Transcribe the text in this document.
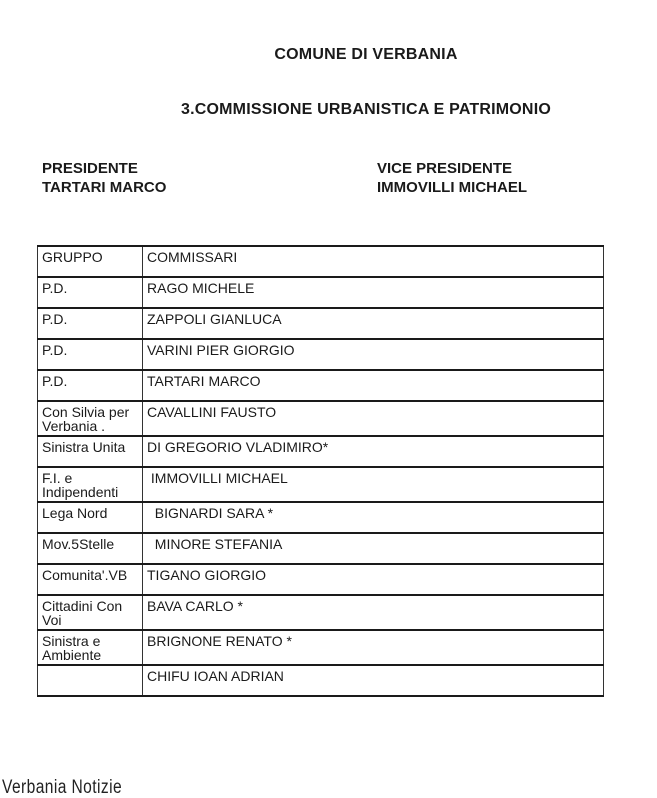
COMUNE DI VERBANIA
3.COMMISSIONE URBANISTICA E PATRIMONIO
PRESIDENTE
TARTARI MARCO
VICE PRESIDENTE
IMMOVILLI MICHAEL
GRUPPO	COMMISSARI
P.D.	RAGO MICHELE
P.D.	ZAPPOLI GIANLUCA
P.D.	VARINI PIER GIORGIO
P.D.	TARTARI MARCO
Con Silvia per Verbania .	CAVALLINI FAUSTO
Sinistra Unita	DI GREGORIO VLADIMIRO*
F.I. e Indipendenti	IMMOVILLI MICHAEL
Lega Nord	BIGNARDI SARA *
Mov.5Stelle	MINORE STEFANIA
Comunita'.VB	TIGANO GIORGIO
Cittadini Con Voi	BAVA CARLO *
Sinistra e Ambiente	BRIGNONE RENATO *
	CHIFU IOAN ADRIAN
Verbania Notizie
